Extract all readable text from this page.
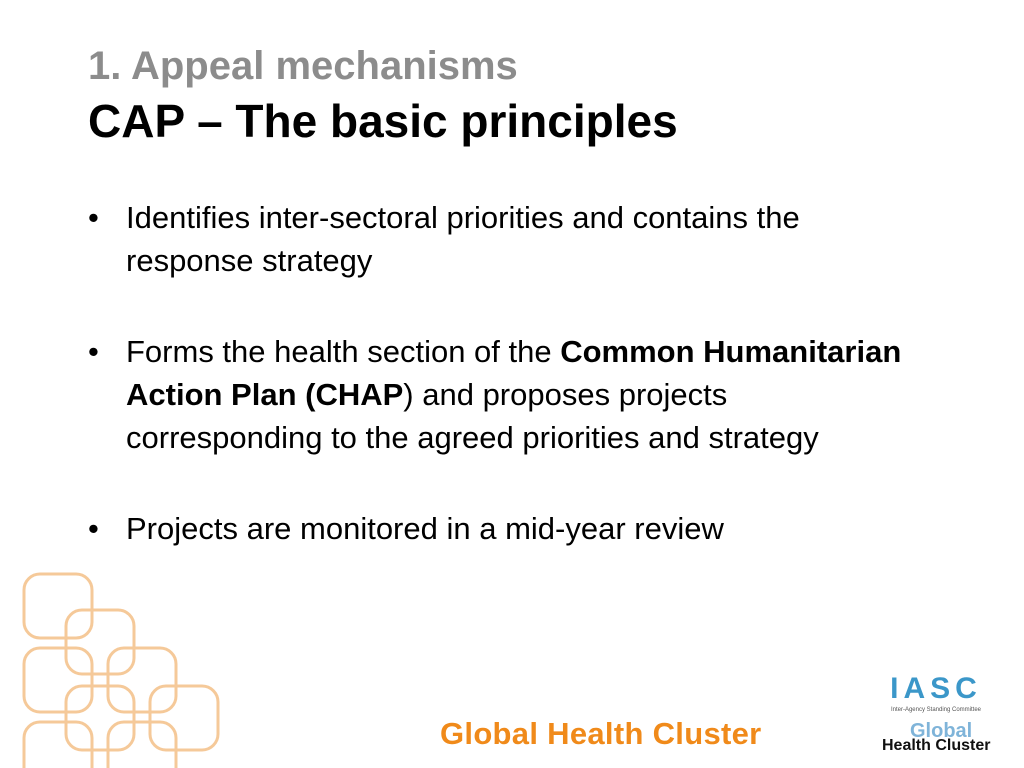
1. Appeal mechanisms
CAP – The basic principles
• Identifies inter-sectoral priorities and contains the response strategy
• Forms the health section of the Common Humanitarian Action Plan (CHAP) and proposes projects corresponding to the agreed priorities and strategy
• Projects are monitored in a mid-year review
Global Health Cluster
IASC
Inter-Agency Standing Committee
Global
Health Cluster
